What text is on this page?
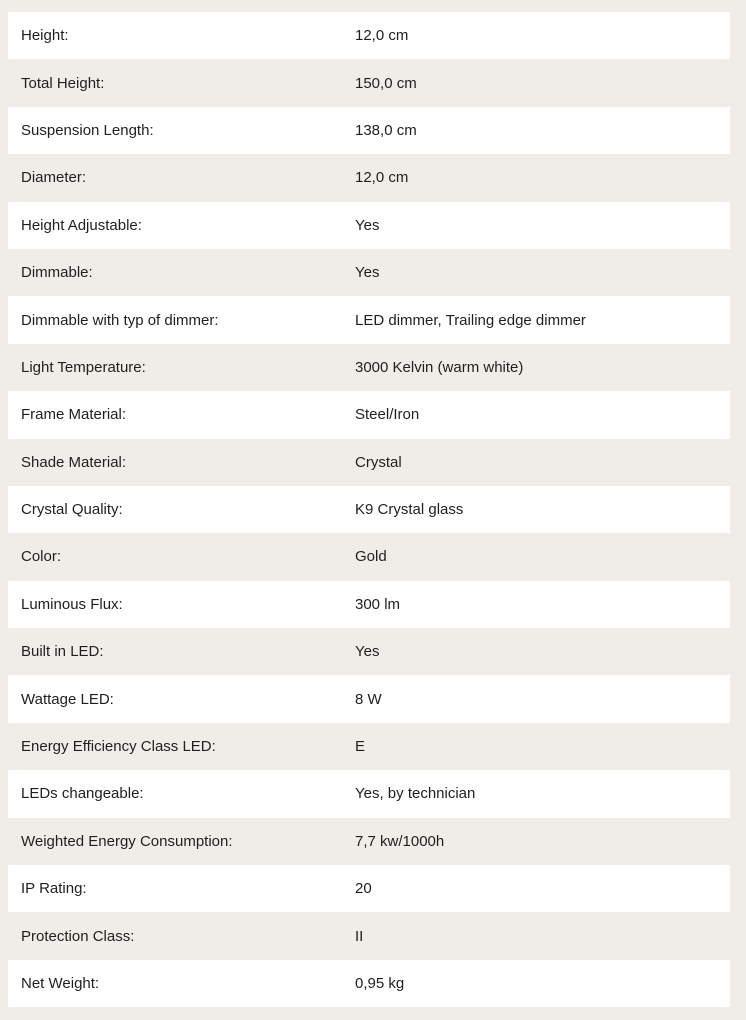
Height:	12,0 cm
Total Height:	150,0 cm
Suspension Length:	138,0 cm
Diameter:	12,0 cm
Height Adjustable:	Yes
Dimmable:	Yes
Dimmable with typ of dimmer:	LED dimmer, Trailing edge dimmer
Light Temperature:	3000 Kelvin (warm white)
Frame Material:	Steel/Iron
Shade Material:	Crystal
Crystal Quality:	K9 Crystal glass
Color:	Gold
Luminous Flux:	300 lm
Built in LED:	Yes
Wattage LED:	8 W
Energy Efficiency Class LED:	E
LEDs changeable:	Yes, by technician
Weighted Energy Consumption:	7,7 kw/1000h
IP Rating:	20
Protection Class:	II
Net Weight:	0,95 kg
